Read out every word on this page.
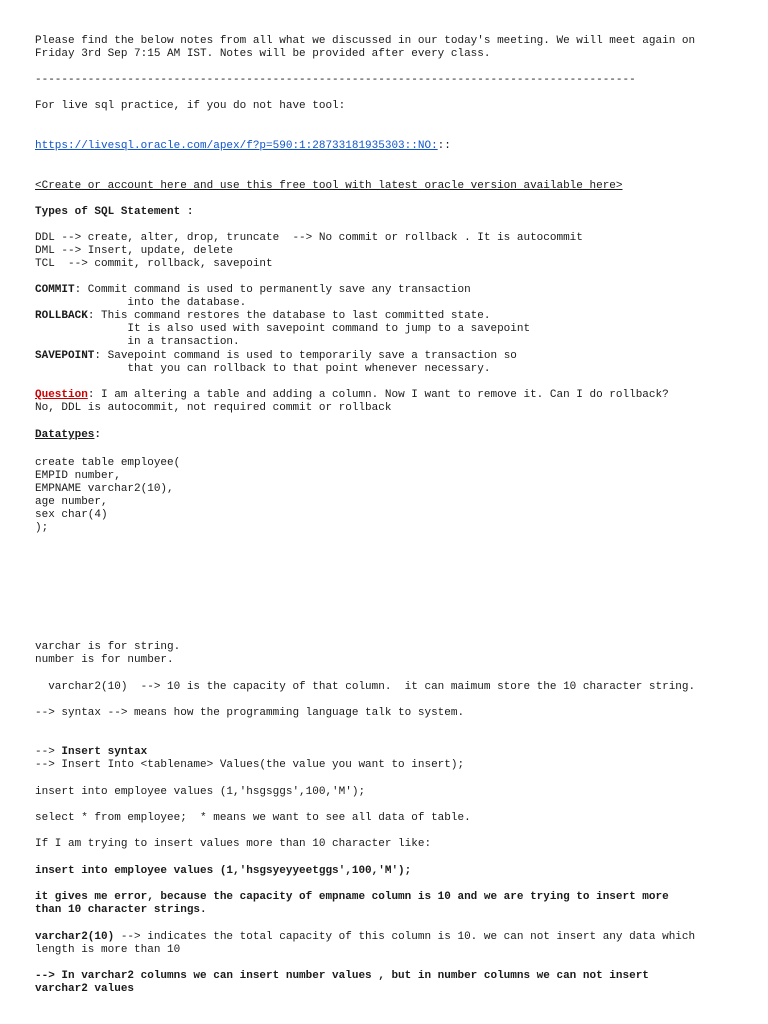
Please find the below notes from all what we discussed in our today's meeting. We will meet again on

Friday 3rd Sep 7:15 AM IST. Notes will be provided after every class.

-------------------------------------------------------------------------------------------

For live sql practice, if you do not have tool:

https://livesql.oracle.com/apex/f?p=590:1:28733181935303::NO:::

<Create or account here and use this free tool with latest oracle version available here>

Types of SQL Statement :

DDL --> create, alter, drop, truncate  --> No commit or rollback . It is autocommit

DML --> Insert, update, delete

TCL  --> commit, rollback, savepoint

COMMIT: Commit command is used to permanently save any transaction

into the database.

ROLLBACK: This command restores the database to last committed state.

It is also used with savepoint command to jump to a savepoint

in a transaction.

SAVEPOINT: Savepoint command is used to temporarily save a transaction so

that you can rollback to that point whenever necessary.

Question: I am altering a table and adding a column. Now I want to remove it. Can I do rollback?

No, DDL is autocommit, not required commit or rollback

Datatypes:

create table employee(

EMPID number,

EMPNAME varchar2(10),

age number,

sex char(4)

);

varchar is for string.

number is for number.

varchar2(10)  --> 10 is the capacity of that column.  it can maimum store the 10 character string.

--> syntax --> means how the programming language talk to system.

--> Insert syntax

--> Insert Into <tablename> Values(the value you want to insert);

insert into employee values (1,'hsgsggs',100,'M');

select * from employee;  * means we want to see all data of table.

If I am trying to insert values more than 10 character like:

insert into employee values (1,'hsgsyeyyeetggs',100,'M');

it gives me error, because the capacity of empname column is 10 and we are trying to insert more

than 10 character strings.

varchar2(10) --> indicates the total capacity of this column is 10. we can not insert any data which

length is more than 10

--> In varchar2 columns we can insert number values , but in number columns we can not insert

varchar2 values
